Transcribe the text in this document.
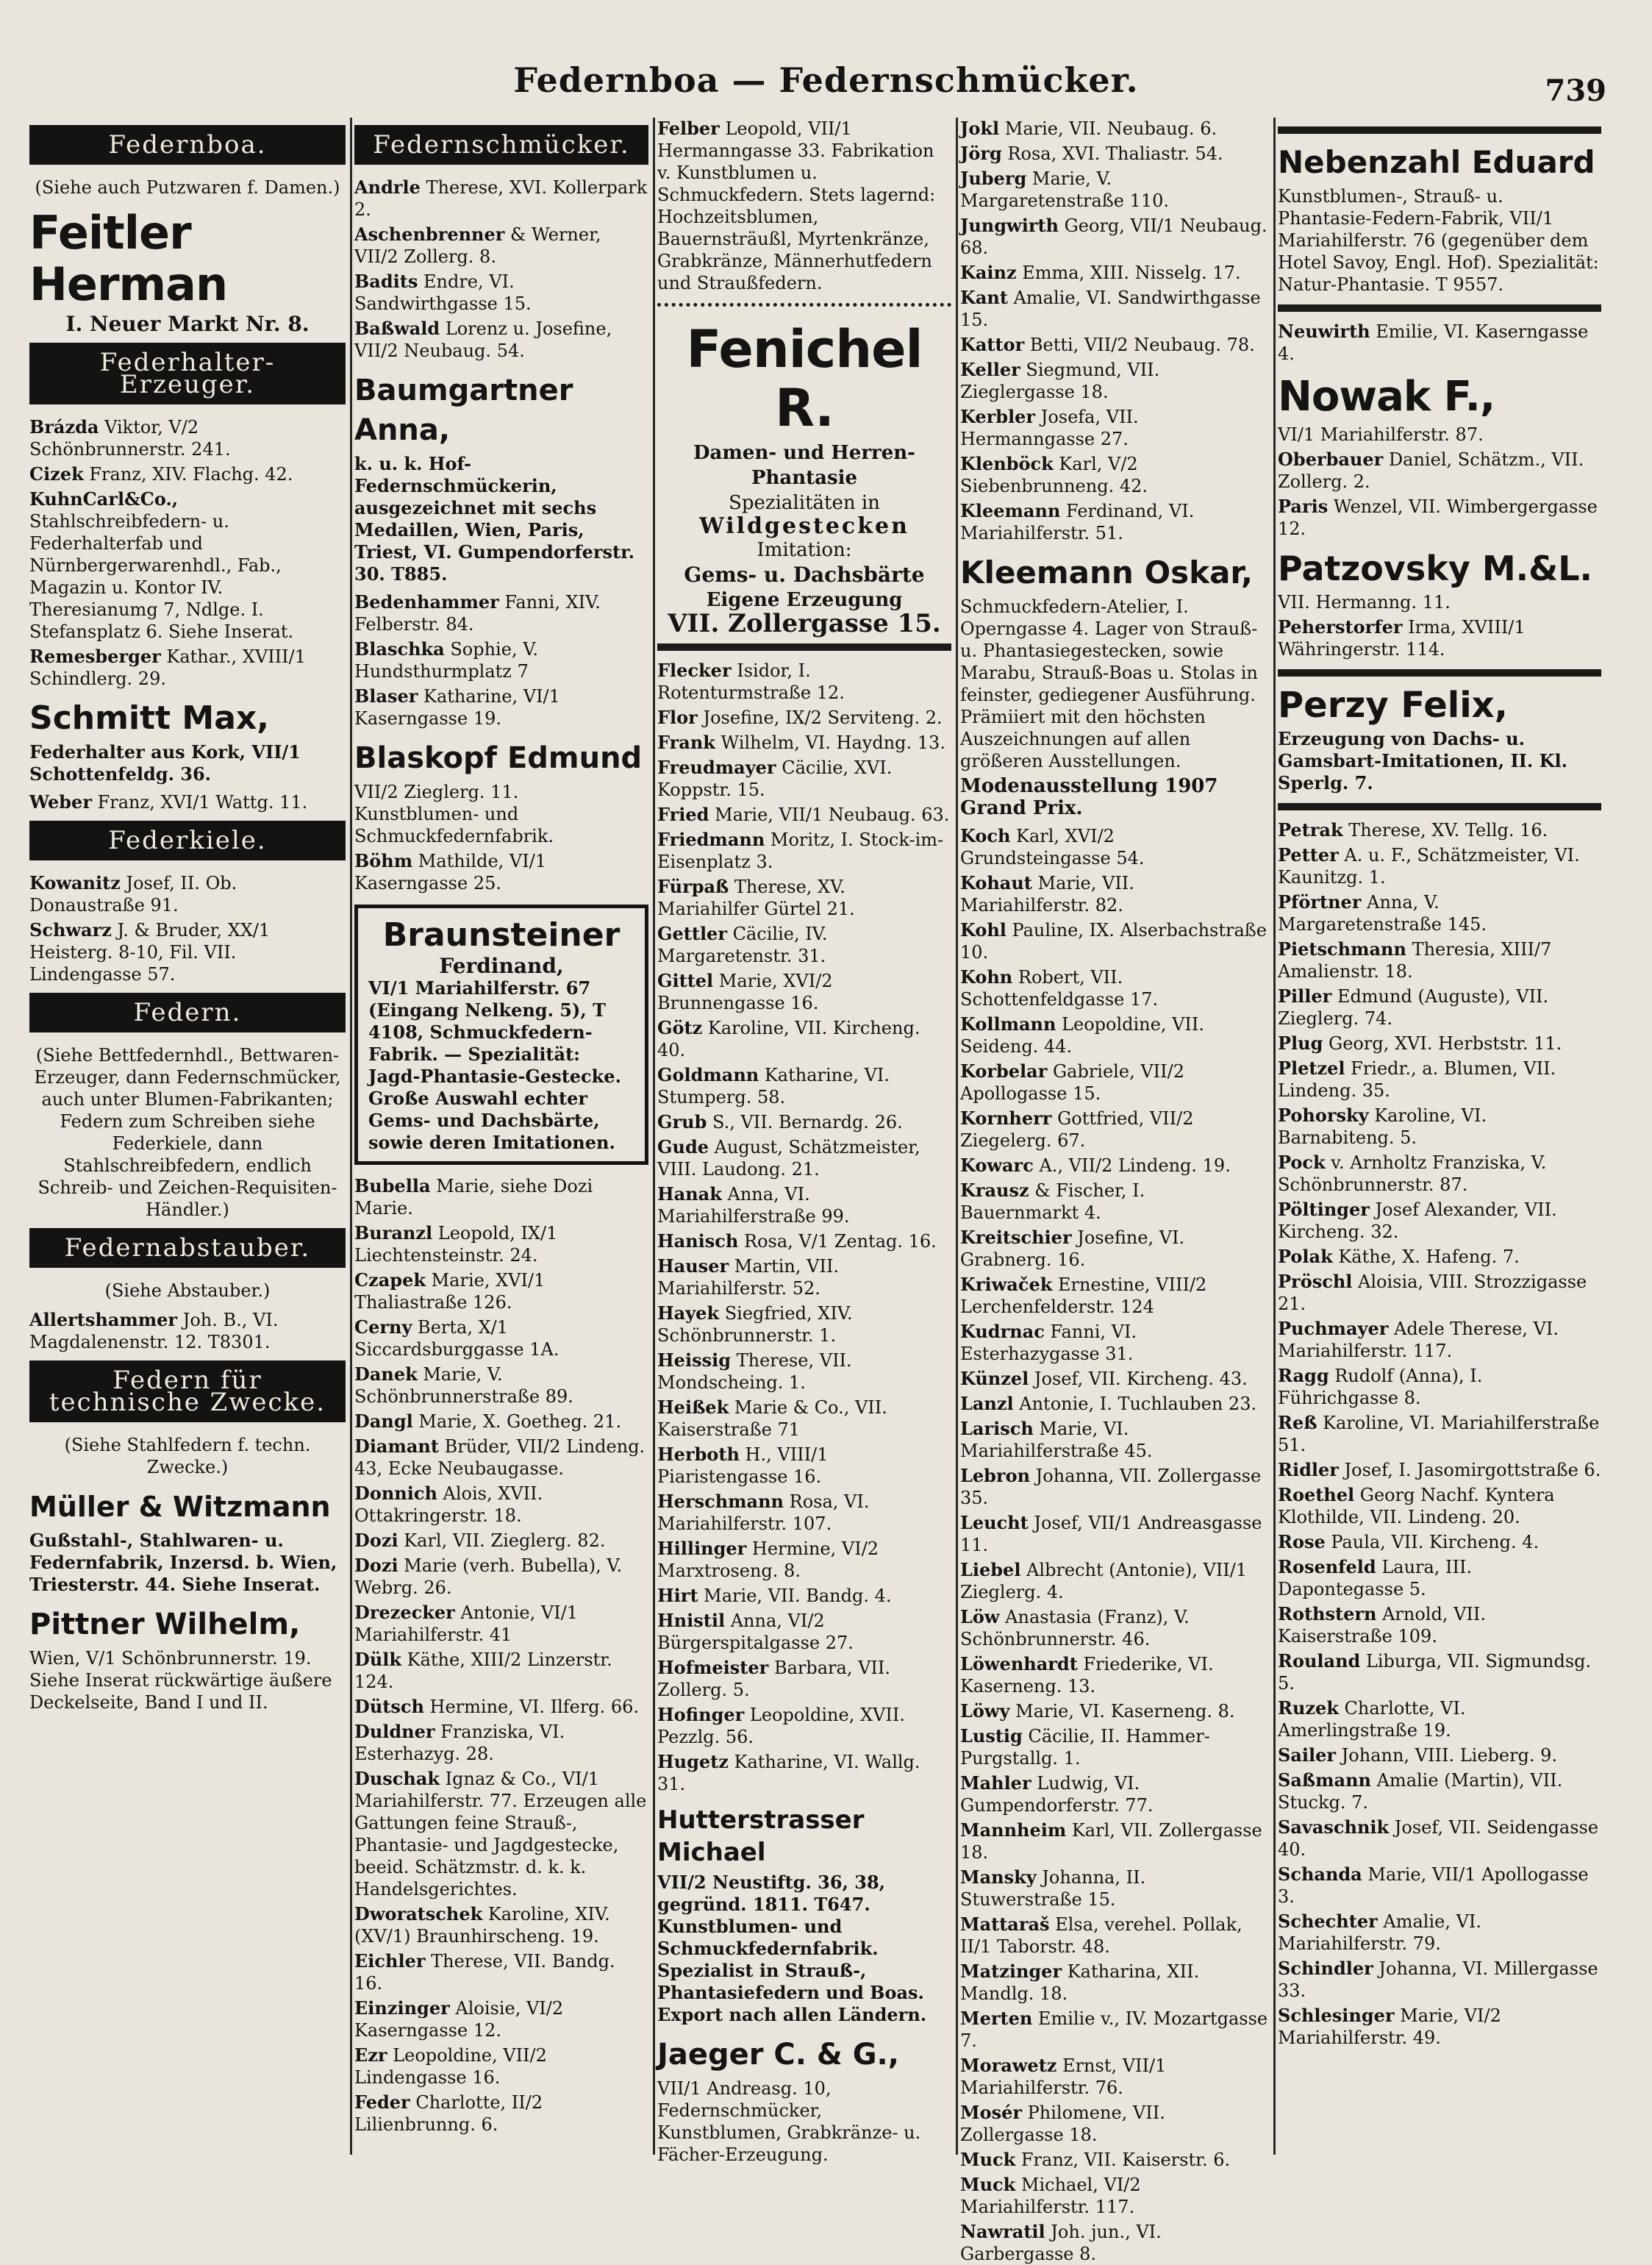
Federnboa — Federnschmücker.	739
Federnboa.
(Siehe auch Putzwaren f. Damen.)
Feitler Herman
I. Neuer Markt Nr. 8.
Federhalter-Erzeuger.
Brázda Viktor, V/2 Schönbrunnerstr. 241.
Cizek Franz, XIV. Flachg. 42.
KuhnCarl&Co., Stahlschreibfedern- u. Federhalterfab und Nürnbergerwarenhdl., Fab., Magazin u. Kontor IV. Theresianumg 7, Ndlge. I. Stefansplatz 6. Siehe Inserat.
Remesberger Kathar., XVIII/1 Schindlerg. 29.
Schmitt Max,
Federhalter aus Kork, VII/1 Schottenfeldg. 36.
Weber Franz, XVI/1 Wattg. 11.
Federkiele.
Kowanitz Josef, II. Ob. Donaustraße 91.
Schwarz J. & Bruder, XX/1 Heisterg. 8-10, Fil. VII. Lindengasse 57.
Federn.
(Siehe Bettfedernhdl., Bettwaren-Erzeuger, dann Federnschmücker, auch unter Blumen-Fabrikanten; Federn zum Schreiben siehe Federkiele, dann Stahlschreibfedern, endlich Schreib- und Zeichen-Requisiten-Händler.)
Federnabstauber.
(Siehe Abstauber.)
Allertshammer Joh. B., VI. Magdalenenstr. 12. T8301.
Federn für technische Zwecke.
(Siehe Stahlfedern f. techn. Zwecke.)
Müller & Witzmann
Gußstahl-, Stahlwaren- u. Federnfabrik, Inzersd. b. Wien, Triesterstr. 44. Siehe Inserat.
Pittner Wilhelm,
Wien, V/1 Schönbrunnerstr. 19. Siehe Inserat rückwärtige äußere Deckelseite, Band I und II.
Federnschmücker.
Andrle Therese, XVI. Kollerpark 2.
Aschenbrenner & Werner, VII/2 Zollerg. 8.
Badits Endre, VI. Sandwirthgasse 15.
Baßwald Lorenz u. Josefine, VII/2 Neubaug. 54.
Baumgartner Anna,
k. u. k. Hof-Federnschmückerin, ausgezeichnet mit sechs Medaillen, Wien, Paris, Triest, VI. Gumpendorferstr. 30. T885.
Bedenhammer Fanni, XIV. Felberstr. 84.
Blaschka Sophie, V. Hundsthurmplatz 7
Blaser Katharine, VI/1 Kaserngasse 19.
Blaskopf Edmund
VII/2 Zieglerg. 11. Kunstblumen- und Schmuckfedernfabrik.
Böhm Mathilde, VI/1 Kaserngasse 25.
Braunsteiner
Ferdinand,
VI/1 Mariahilferstr. 67 (Eingang Nelkeng. 5), T 4108, Schmuckfedern-Fabrik. — Spezialität: Jagd-Phantasie-Gestecke. Große Auswahl echter Gems- und Dachsbärte, sowie deren Imitationen.
Bubella Marie, siehe Dozi Marie.
Buranzl Leopold, IX/1 Liechtensteinstr. 24.
Czapek Marie, XVI/1 Thaliastraße 126.
Cerny Berta, X/1 Siccardsburggasse 1A.
Danek Marie, V. Schönbrunnerstraße 89.
Dangl Marie, X. Goetheg. 21.
Diamant Brüder, VII/2 Lindeng. 43, Ecke Neubaugasse.
Donnich Alois, XVII. Ottakringerstr. 18.
Dozi Karl, VII. Zieglerg. 82.
Dozi Marie (verh. Bubella), V. Webrg. 26.
Drezecker Antonie, VI/1 Mariahilferstr. 41
Dülk Käthe, XIII/2 Linzerstr. 124.
Dütsch Hermine, VI. Ilferg. 66.
Duldner Franziska, VI. Esterhazyg. 28.
Duschak Ignaz & Co., VI/1 Mariahilferstr. 77. Erzeugen alle Gattungen feine Strauß-, Phantasie- und Jagdgestecke, beeid. Schätzmstr. d. k. k. Handelsgerichtes.
Dworatschek Karoline, XIV. (XV/1) Braunhirscheng. 19.
Eichler Therese, VII. Bandg. 16.
Einzinger Aloisie, VI/2 Kaserngasse 12.
Ezr Leopoldine, VII/2 Lindengasse 16.
Feder Charlotte, II/2 Lilienbrunng. 6.
Felber Leopold, VII/1 Hermanngasse 33. Fabrikation v. Kunstblumen u. Schmuckfedern. Stets lagernd: Hochzeitsblumen, Bauernsträußl, Myrtenkränze, Grabkränze, Männerhutfedern und Straußfedern.
Fenichel R.
Damen- und Herren-Phantasie
Spezialitäten in
Wildgestecken
Imitation:
Gems- u. Dachsbärte
Eigene Erzeugung
VII. Zollergasse 15.
Flecker Isidor, I. Rotenturmstraße 12.
Flor Josefine, IX/2 Serviteng. 2.
Frank Wilhelm, VI. Haydng. 13.
Freudmayer Cäcilie, XVI. Koppstr. 15.
Fried Marie, VII/1 Neubaug. 63.
Friedmann Moritz, I. Stock-im-Eisenplatz 3.
Fürpaß Therese, XV. Mariahilfer Gürtel 21.
Gettler Cäcilie, IV. Margaretenstr. 31.
Gittel Marie, XVI/2 Brunnengasse 16.
Götz Karoline, VII. Kircheng. 40.
Goldmann Katharine, VI. Stumperg. 58.
Grub S., VII. Bernardg. 26.
Gude August, Schätzmeister, VIII. Laudong. 21.
Hanak Anna, VI. Mariahilferstraße 99.
Hanisch Rosa, V/1 Zentag. 16.
Hauser Martin, VII. Mariahilferstr. 52.
Hayek Siegfried, XIV. Schönbrunnerstr. 1.
Heissig Therese, VII. Mondscheing. 1.
Heißek Marie & Co., VII. Kaiserstraße 71
Herboth H., VIII/1 Piaristengasse 16.
Herschmann Rosa, VI. Mariahilferstr. 107.
Hillinger Hermine, VI/2 Marxtroseng. 8.
Hirt Marie, VII. Bandg. 4.
Hnistil Anna, VI/2 Bürgerspitalgasse 27.
Hofmeister Barbara, VII. Zollerg. 5.
Hofinger Leopoldine, XVII. Pezzlg. 56.
Hugetz Katharine, VI. Wallg. 31.
Hutterstrasser Michael
VII/2 Neustiftg. 36, 38, gegründ. 1811. T647. Kunstblumen- und Schmuckfedernfabrik. Spezialist in Strauß-, Phantasiefedern und Boas. Export nach allen Ländern.
Jaeger C. & G.,
VII/1 Andreasg. 10, Federnschmücker, Kunstblumen, Grabkränze- u. Fächer-Erzeugung.
Jokl Marie, VII. Neubaug. 6.
Jörg Rosa, XVI. Thaliastr. 54.
Juberg Marie, V. Margaretenstraße 110.
Jungwirth Georg, VII/1 Neubaug. 68.
Kainz Emma, XIII. Nisselg. 17.
Kant Amalie, VI. Sandwirthgasse 15.
Kattor Betti, VII/2 Neubaug. 78.
Keller Siegmund, VII. Zieglergasse 18.
Kerbler Josefa, VII. Hermanngasse 27.
Klenböck Karl, V/2 Siebenbrunneng. 42.
Kleemann Ferdinand, VI. Mariahilferstr. 51.
Kleemann Oskar,
Schmuckfedern-Atelier, I. Operngasse 4. Lager von Strauß- u. Phantasiegestecken, sowie Marabu, Strauß-Boas u. Stolas in feinster, gediegener Ausführung. Prämiiert mit den höchsten Auszeichnungen auf allen größeren Ausstellungen.
Modenausstellung 1907 Grand Prix.
Koch Karl, XVI/2 Grundsteingasse 54.
Kohaut Marie, VII. Mariahilferstr. 82.
Kohl Pauline, IX. Alserbachstraße 10.
Kohn Robert, VII. Schottenfeldgasse 17.
Kollmann Leopoldine, VII. Seideng. 44.
Korbelar Gabriele, VII/2 Apollogasse 15.
Kornherr Gottfried, VII/2 Ziegelerg. 67.
Kowarc A., VII/2 Lindeng. 19.
Krausz & Fischer, I. Bauernmarkt 4.
Kreitschier Josefine, VI. Grabnerg. 16.
Kriwaček Ernestine, VIII/2 Lerchenfelderstr. 124
Kudrnac Fanni, VI. Esterhazygasse 31.
Künzel Josef, VII. Kircheng. 43.
Lanzl Antonie, I. Tuchlauben 23.
Larisch Marie, VI. Mariahilferstraße 45.
Lebron Johanna, VII. Zollergasse 35.
Leucht Josef, VII/1 Andreasgasse 11.
Liebel Albrecht (Antonie), VII/1 Zieglerg. 4.
Löw Anastasia (Franz), V. Schönbrunnerstr. 46.
Löwenhardt Friederike, VI. Kaserneng. 13.
Löwy Marie, VI. Kaserneng. 8.
Lustig Cäcilie, II. Hammer-Purgstallg. 1.
Mahler Ludwig, VI. Gumpendorferstr. 77.
Mannheim Karl, VII. Zollergasse 18.
Mansky Johanna, II. Stuwerstraße 15.
Mattaraš Elsa, verehel. Pollak, II/1 Taborstr. 48.
Matzinger Katharina, XII. Mandlg. 18.
Merten Emilie v., IV. Mozartgasse 7.
Morawetz Ernst, VII/1 Mariahilferstr. 76.
Mosér Philomene, VII. Zollergasse 18.
Muck Franz, VII. Kaiserstr. 6.
Muck Michael, VI/2 Mariahilferstr. 117.
Nawratil Joh. jun., VI. Garbergasse 8.
Nebenzahl Eduard
Kunstblumen-, Strauß- u. Phantasie-Federn-Fabrik, VII/1 Mariahilferstr. 76 (gegenüber dem Hotel Savoy, Engl. Hof). Spezialität: Natur-Phantasie. T 9557.
Neuwirth Emilie, VI. Kaserngasse 4.
Nowak F.,
VI/1 Mariahilferstr. 87.
Oberbauer Daniel, Schätzm., VII. Zollerg. 2.
Paris Wenzel, VII. Wimbergergasse 12.
Patzovsky M.&L.
VII. Hermanng. 11.
Peherstorfer Irma, XVIII/1 Währingerstr. 114.
Perzy Felix,
Erzeugung von Dachs- u. Gamsbart-Imitationen, II. Kl. Sperlg. 7.
Petrak Therese, XV. Tellg. 16.
Petter A. u. F., Schätzmeister, VI. Kaunitzg. 1.
Pförtner Anna, V. Margaretenstraße 145.
Pietschmann Theresia, XIII/7 Amalienstr. 18.
Piller Edmund (Auguste), VII. Zieglerg. 74.
Plug Georg, XVI. Herbststr. 11.
Pletzel Friedr., a. Blumen, VII. Lindeng. 35.
Pohorsky Karoline, VI. Barnabiteng. 5.
Pock v. Arnholtz Franziska, V. Schönbrunnerstr. 87.
Pöltinger Josef Alexander, VII. Kircheng. 32.
Polak Käthe, X. Hafeng. 7.
Pröschl Aloisia, VIII. Strozzigasse 21.
Puchmayer Adele Therese, VI. Mariahilferstr. 117.
Ragg Rudolf (Anna), I. Führichgasse 8.
Reß Karoline, VI. Mariahilferstraße 51.
Ridler Josef, I. Jasomirgottstraße 6.
Roethel Georg Nachf. Kyntera Klothilde, VII. Lindeng. 20.
Rose Paula, VII. Kircheng. 4.
Rosenfeld Laura, III. Dapontegasse 5.
Rothstern Arnold, VII. Kaiserstraße 109.
Rouland Liburga, VII. Sigmundsg. 5.
Ruzek Charlotte, VI. Amerlingstraße 19.
Sailer Johann, VIII. Lieberg. 9.
Saßmann Amalie (Martin), VII. Stuckg. 7.
Savaschnik Josef, VII. Seidengasse 40.
Schanda Marie, VII/1 Apollogasse 3.
Schechter Amalie, VI. Mariahilferstr. 79.
Schindler Johanna, VI. Millergasse 33.
Schlesinger Marie, VI/2 Mariahilferstr. 49.
